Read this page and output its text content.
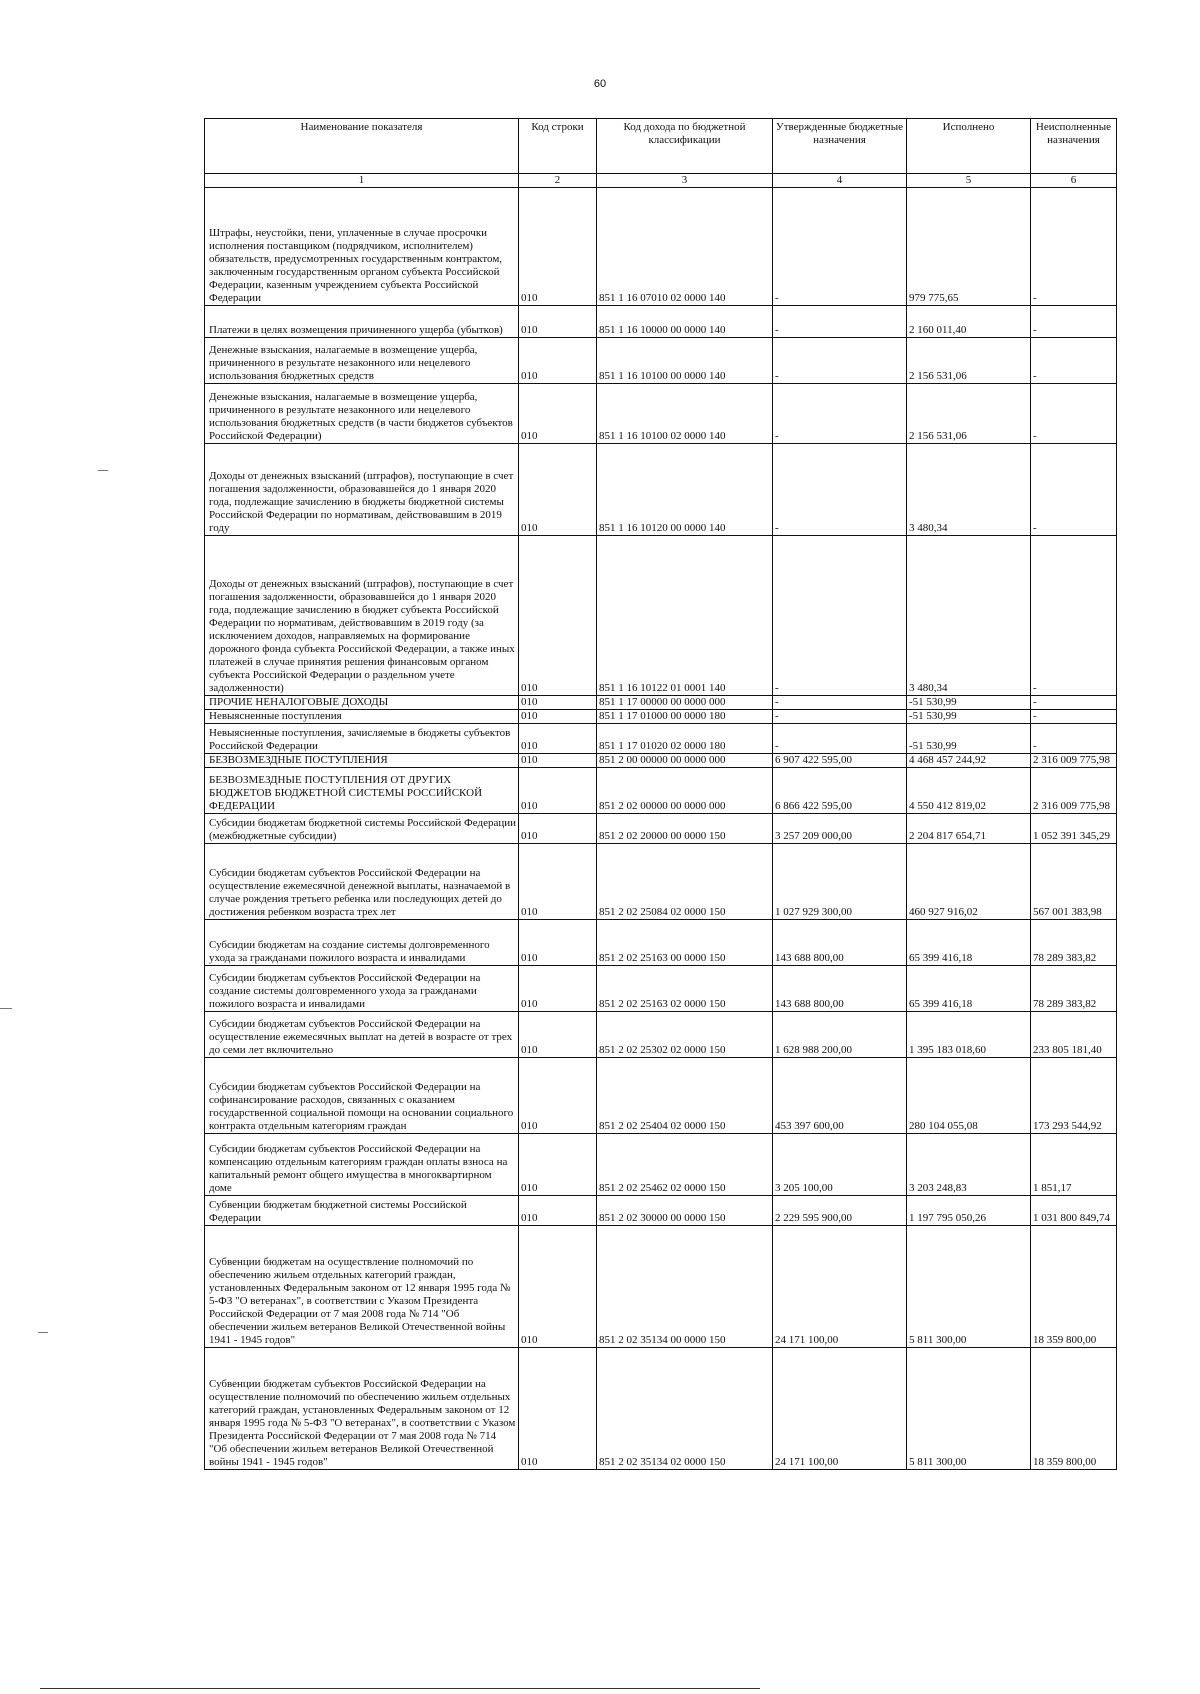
60
Наименование показателя	Код строки	Код дохода по бюджетной классификации	Утвержденные бюджетные назначения	Исполнено	Неисполненные назначения
1	2	3	4	5	6
Штрафы, неустойки, пени, уплаченные в случае просрочки исполнения поставщиком (подрядчиком, исполнителем) обязательств, предусмотренных государственным контрактом, заключенным государственным органом субъекта Российской Федерации, казенным учреждением субъекта Российской Федерации	010	851 1 16 07010 02 0000 140	-	979 775,65	-
Платежи в целях возмещения причиненного ущерба (убытков)	010	851 1 16 10000 00 0000 140	-	2 160 011,40	-
Денежные взыскания, налагаемые в возмещение ущерба, причиненного в результате незаконного или нецелевого использования бюджетных средств	010	851 1 16 10100 00 0000 140	-	2 156 531,06	-
Денежные взыскания, налагаемые в возмещение ущерба, причиненного в результате незаконного или нецелевого использования бюджетных средств (в части бюджетов субъектов Российской Федерации)	010	851 1 16 10100 02 0000 140	-	2 156 531,06	-
Доходы от денежных взысканий (штрафов), поступающие в счет погашения задолженности, образовавшейся до 1 января 2020 года, подлежащие зачислению в бюджеты бюджетной системы Российской Федерации по нормативам, действовавшим в 2019 году	010	851 1 16 10120 00 0000 140	-	3 480,34	-
Доходы от денежных взысканий (штрафов), поступающие в счет погашения задолженности, образовавшейся до 1 января 2020 года, подлежащие зачислению в бюджет субъекта Российской Федерации по нормативам, действовавшим в 2019 году (за исключением доходов, направляемых на формирование дорожного фонда субъекта Российской Федерации, а также иных платежей в случае принятия решения финансовым органом субъекта Российской Федерации о раздельном учете задолженности)	010	851 1 16 10122 01 0001 140	-	3 480,34	-
ПРОЧИЕ НЕНАЛОГОВЫЕ ДОХОДЫ	010	851 1 17 00000 00 0000 000	-	-51 530,99	-
Невыясненные поступления	010	851 1 17 01000 00 0000 180	-	-51 530,99	-
Невыясненные поступления, зачисляемые в бюджеты субъектов Российской Федерации	010	851 1 17 01020 02 0000 180	-	-51 530,99	-
БЕЗВОЗМЕЗДНЫЕ ПОСТУПЛЕНИЯ	010	851 2 00 00000 00 0000 000	6 907 422 595,00	4 468 457 244,92	2 316 009 775,98
БЕЗВОЗМЕЗДНЫЕ ПОСТУПЛЕНИЯ ОТ ДРУГИХ БЮДЖЕТОВ БЮДЖЕТНОЙ СИСТЕМЫ РОССИЙСКОЙ ФЕДЕРАЦИИ	010	851 2 02 00000 00 0000 000	6 866 422 595,00	4 550 412 819,02	2 316 009 775,98
Субсидии бюджетам бюджетной системы Российской Федерации (межбюджетные субсидии)	010	851 2 02 20000 00 0000 150	3 257 209 000,00	2 204 817 654,71	1 052 391 345,29
Субсидии бюджетам субъектов Российской Федерации на осуществление ежемесячной денежной выплаты, назначаемой в случае рождения третьего ребенка или последующих детей до достижения ребенком возраста трех лет	010	851 2 02 25084 02 0000 150	1 027 929 300,00	460 927 916,02	567 001 383,98
Субсидии бюджетам на создание системы долговременного ухода за гражданами пожилого возраста и инвалидами	010	851 2 02 25163 00 0000 150	143 688 800,00	65 399 416,18	78 289 383,82
Субсидии бюджетам субъектов Российской Федерации на создание системы долговременного ухода за гражданами пожилого возраста и инвалидами	010	851 2 02 25163 02 0000 150	143 688 800,00	65 399 416,18	78 289 383,82
Субсидии бюджетам субъектов Российской Федерации на осуществление ежемесячных выплат на детей в возрасте от трех до семи лет включительно	010	851 2 02 25302 02 0000 150	1 628 988 200,00	1 395 183 018,60	233 805 181,40
Субсидии бюджетам субъектов Российской Федерации на софинансирование расходов, связанных с оказанием государственной социальной помощи на основании социального контракта отдельным категориям граждан	010	851 2 02 25404 02 0000 150	453 397 600,00	280 104 055,08	173 293 544,92
Субсидии бюджетам субъектов Российской Федерации на компенсацию отдельным категориям граждан оплаты взноса на капитальный ремонт общего имущества в многоквартирном доме	010	851 2 02 25462 02 0000 150	3 205 100,00	3 203 248,83	1 851,17
Субвенции бюджетам бюджетной системы Российской Федерации	010	851 2 02 30000 00 0000 150	2 229 595 900,00	1 197 795 050,26	1 031 800 849,74
Субвенции бюджетам на осуществление полномочий по обеспечению жильем отдельных категорий граждан, установленных Федеральным законом от 12 января 1995 года № 5-ФЗ "О ветеранах", в соответствии с Указом Президента Российской Федерации от 7 мая 2008 года № 714 "Об обеспечении жильем ветеранов Великой Отечественной войны 1941 - 1945 годов"	010	851 2 02 35134 00 0000 150	24 171 100,00	5 811 300,00	18 359 800,00
Субвенции бюджетам субъектов Российской Федерации на осуществление полномочий по обеспечению жильем отдельных категорий граждан, установленных Федеральным законом от 12 января 1995 года № 5-ФЗ "О ветеранах", в соответствии с Указом Президента Российской Федерации от 7 мая 2008 года № 714 "Об обеспечении жильем ветеранов Великой Отечественной войны 1941 - 1945 годов"	010	851 2 02 35134 02 0000 150	24 171 100,00	5 811 300,00	18 359 800,00
